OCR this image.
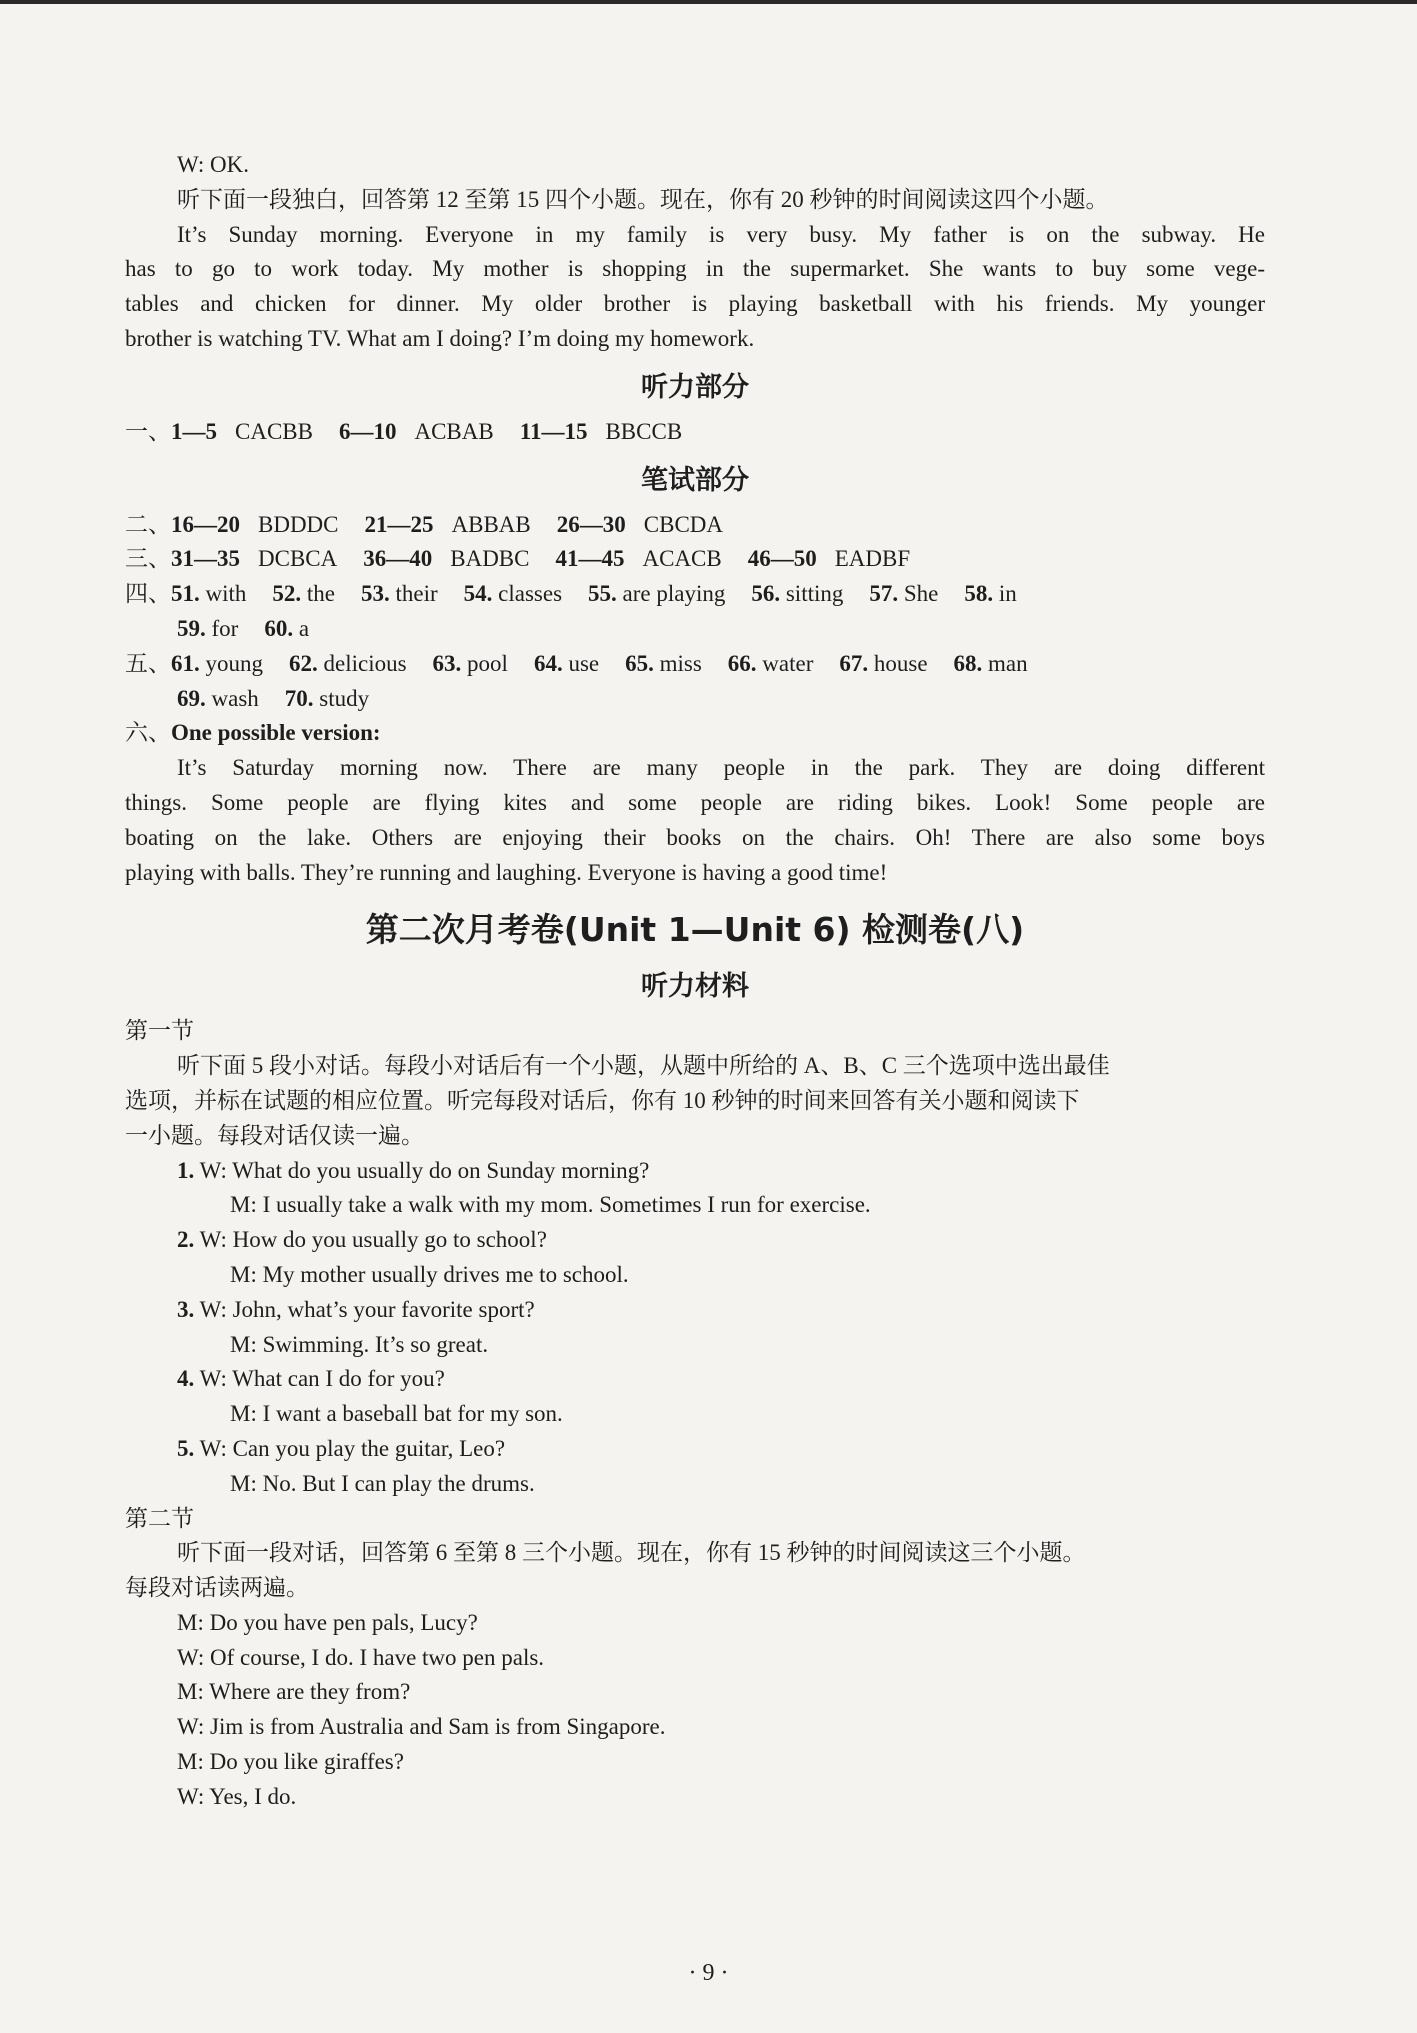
W: OK.

听下面一段独白，回答第 12 至第 15 四个小题。现在，你有 20 秒钟的时间阅读这四个小题。

It’s Sunday morning. Everyone in my family is very busy. My father is on the subway. He

has to go to work today. My mother is shopping in the supermarket. She wants to buy some vege-

tables and chicken for dinner. My older brother is playing basketball with his friends. My younger

brother is watching TV. What am I doing? I’m doing my homework.

听力部分
一、1—5 CACBB 6—10 ACBAB 11—15 BBCCB
笔试部分
二、16—20 BDDDC 21—25 ABBAB 26—30 CBCDA
三、31—35 DCBCA 36—40 BADBC 41—45 ACACB 46—50 EADBF
四、51. with 52. the 53. their 54. classes 55. are playing 56. sitting 57. She 58. in
59. for 60. a
五、61. young 62. delicious 63. pool 64. use 65. miss 66. water 67. house 68. man
69. wash 70. study
六、One possible version:

It’s Saturday morning now. There are many people in the park. They are doing different

things. Some people are flying kites and some people are riding bikes. Look! Some people are

boating on the lake. Others are enjoying their books on the chairs. Oh! There are also some boys

playing with balls. They’re running and laughing. Everyone is having a good time!

第二次月考卷(Unit 1—Unit 6) 检测卷(八)
听力材料

第一节

听下面 5 段小对话。每段小对话后有一个小题，从题中所给的 A、B、C 三个选项中选出最佳

选项，并标在试题的相应位置。听完每段对话后，你有 10 秒钟的时间来回答有关小题和阅读下

一小题。每段对话仅读一遍。

1. W: What do you usually do on Sunday morning?

M: I usually take a walk with my mom. Sometimes I run for exercise.

2. W: How do you usually go to school?

M: My mother usually drives me to school.

3. W: John, what’s your favorite sport?

M: Swimming. It’s so great.

4. W: What can I do for you?

M: I want a baseball bat for my son.

5. W: Can you play the guitar, Leo?

M: No. But I can play the drums.

第二节

听下面一段对话，回答第 6 至第 8 三个小题。现在，你有 15 秒钟的时间阅读这三个小题。

每段对话读两遍。

M: Do you have pen pals, Lucy?

W: Of course, I do. I have two pen pals.

M: Where are they from?

W: Jim is from Australia and Sam is from Singapore.

M: Do you like giraffes?

W: Yes, I do.

· 9 ·
